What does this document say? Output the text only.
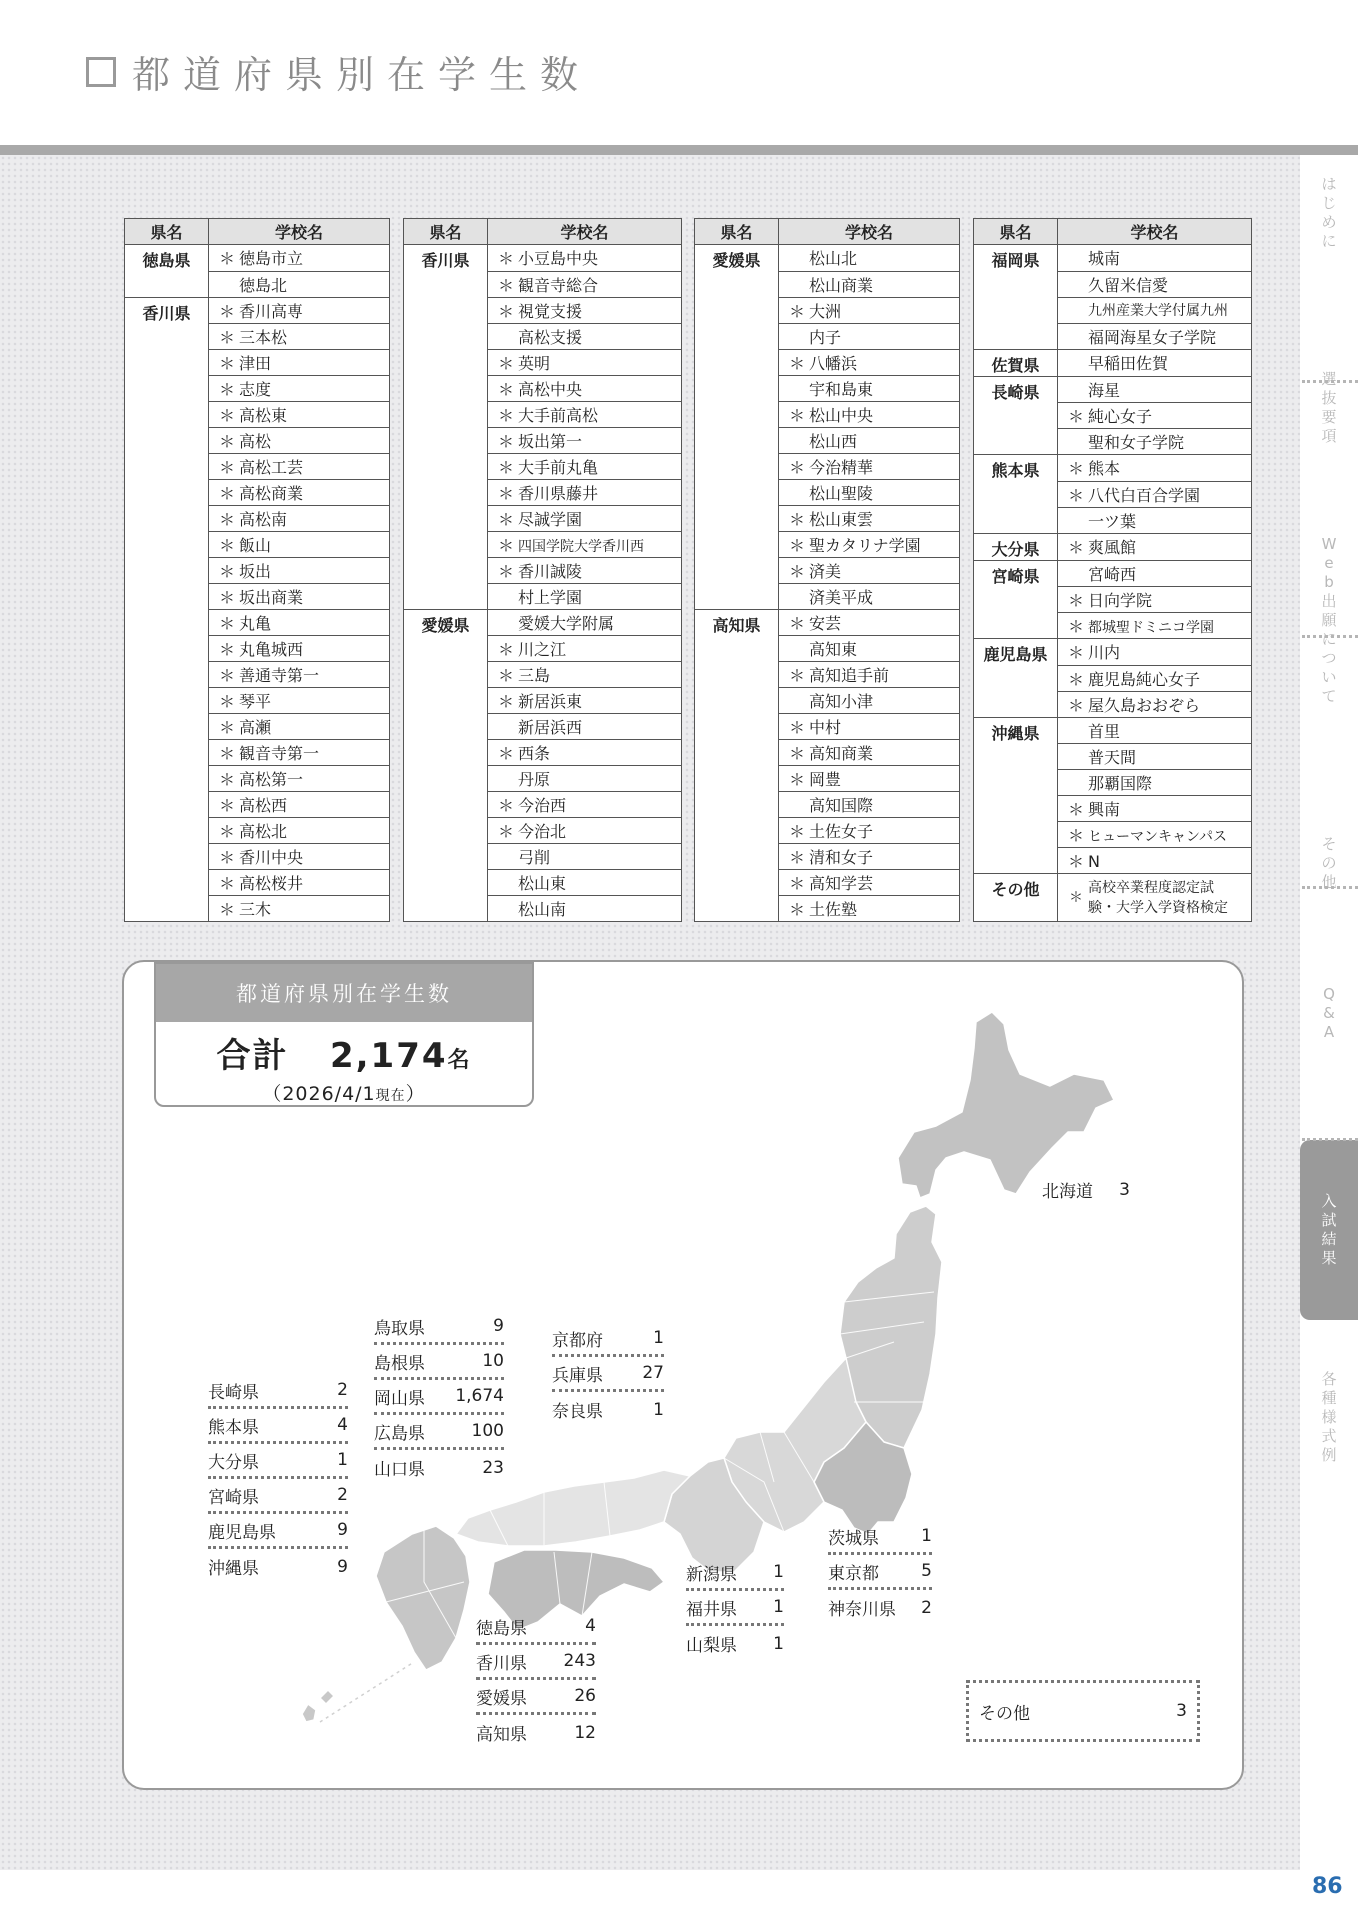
都道府県別在学生数
は
じ
め
に
選
抜
要
項
W
e
b
出
願
に
つ
い
て
そ
の
他
Q
&
A
入
試
結
果
各
種
様
式
例
86
県名	学校名
徳島県	＊ 徳島市立
	徳島北
香川県	＊ 香川高専
	＊ 三本松
	＊ 津田
	＊ 志度
	＊ 高松東
	＊ 高松
	＊ 高松工芸
	＊ 高松商業
	＊ 高松南
	＊ 飯山
	＊ 坂出
	＊ 坂出商業
	＊ 丸亀
	＊ 丸亀城西
	＊ 善通寺第一
	＊ 琴平
	＊ 高瀬
	＊ 観音寺第一
	＊ 高松第一
	＊ 高松西
	＊ 高松北
	＊ 香川中央
	＊ 高松桜井
	＊ 三木
県名	学校名
香川県	＊ 小豆島中央
	＊ 観音寺総合
	＊ 視覚支援
	高松支援
	＊ 英明
	＊ 高松中央
	＊ 大手前高松
	＊ 坂出第一
	＊ 大手前丸亀
	＊ 香川県藤井
	＊ 尽誠学園
	＊ 四国学院大学香川西
	＊ 香川誠陵
	村上学園
愛媛県	愛媛大学附属
	＊ 川之江
	＊ 三島
	＊ 新居浜東
	新居浜西
	＊ 西条
	丹原
	＊ 今治西
	＊ 今治北
	弓削
	松山東
	松山南
県名	学校名
愛媛県	松山北
	松山商業
	＊ 大洲
	内子
	＊ 八幡浜
	宇和島東
	＊ 松山中央
	松山西
	＊ 今治精華
	松山聖陵
	＊ 松山東雲
	＊ 聖カタリナ学園
	＊ 済美
	済美平成
高知県	＊ 安芸
	高知東
	＊ 高知追手前
	高知小津
	＊ 中村
	＊ 高知商業
	＊ 岡豊
	高知国際
	＊ 土佐女子
	＊ 清和女子
	＊ 高知学芸
	＊ 土佐塾
県名	学校名
福岡県	城南
	久留米信愛
	九州産業大学付属九州
	福岡海星女子学院
佐賀県	早稲田佐賀
長崎県	海星
	＊ 純心女子
	聖和女子学院
熊本県	＊ 熊本
	＊ 八代白百合学園
	一ツ葉
大分県	＊ 爽風館
宮崎県	宮崎西
	＊ 日向学院
	＊ 都城聖ドミニコ学園
鹿児島県	＊ 川内
	＊ 鹿児島純心女子
	＊ 屋久島おおぞら
沖縄県	首里
	普天間
	那覇国際
	＊ 興南
	＊ ヒューマンキャンパス
	＊ N
その他	＊
高校卒業程度認定試
験・大学入学資格検定
都道府県別在学生数
合計 2,174名
（2026/4/1現在）
北海道 3
鳥取県	9
島根県	10
岡山県 1,674
広島県	100
山口県	23
京都府	1
兵庫県 27
奈良県	1
長崎県	2
熊本県	4
大分県	1
宮崎県	2
鹿児島県	9
沖縄県	9
徳島県	4
香川県 243
愛媛県	26
高知県	12
新潟県 1
福井県 1
山梨県 1
茨城県 1
東京都 5
神奈川県 2
その他	3
